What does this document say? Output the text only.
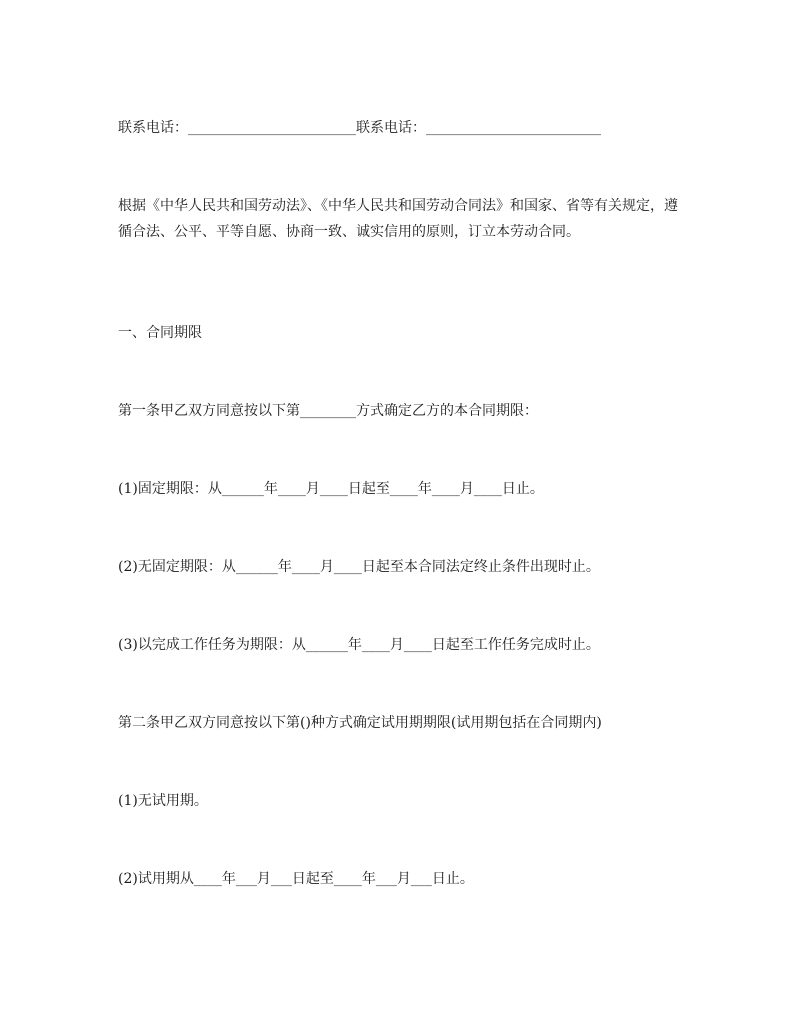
联系电话：________________________联系电话：_________________________
根据《中华人民共和国劳动法》、《中华人民共和国劳动合同法》和国家、省等有关规定，遵循合法、公平、平等自愿、协商一致、诚实信用的原则，订立本劳动合同。
一、合同期限
第一条甲乙双方同意按以下第________方式确定乙方的本合同期限：
(1)固定期限：从______年____月____日起至____年____月____日止。
(2)无固定期限：从______年____月____日起至本合同法定终止条件出现时止。
(3)以完成工作任务为期限：从______年____月____日起至工作任务完成时止。
第二条甲乙双方同意按以下第()种方式确定试用期期限(试用期包括在合同期内)
(1)无试用期。
(2)试用期从____年___月___日起至____年___月___日止。
